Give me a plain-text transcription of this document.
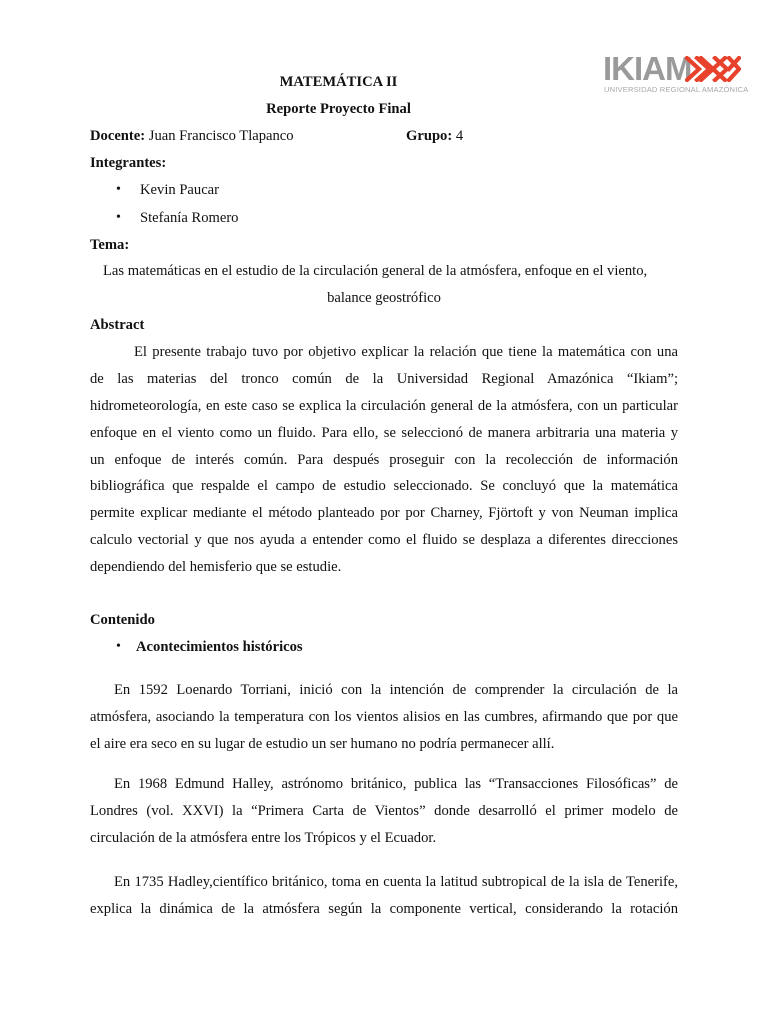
IKIAM
UNIVERSIDAD REGIONAL AMAZÓNICA
MATEMÁTICA II
Reporte Proyecto Final
Docente: Juan Francisco Tlapanco	Grupo: 4
Integrantes:
• Kevin Paucar
• Stefanía Romero
Tema:
Las matemáticas en el estudio de la circulación general de la atmósfera, enfoque en el viento,
balance geostrófico
Abstract
El presente trabajo tuvo por objetivo explicar la relación que tiene la matemática con una
de las materias del tronco común de la Universidad Regional Amazónica “Ikiam”;
hidrometeorología, en este caso se explica la circulación general de la atmósfera, con un particular
enfoque en el viento como un fluido. Para ello, se seleccionó de manera arbitraria una materia y
un enfoque de interés común. Para después proseguir con la recolección de información
bibliográfica que respalde el campo de estudio seleccionado. Se concluyó que la matemática
permite explicar mediante el método planteado por por Charney, Fjörtoft y von Neuman implica
calculo vectorial y que nos ayuda a entender como el fluido se desplaza a diferentes direcciones
dependiendo del hemisferio que se estudie.
Contenido
• Acontecimientos históricos
En 1592 Loenardo Torriani, inició con la intención de comprender la circulación de la
atmósfera, asociando la temperatura con los vientos alisios en las cumbres, afirmando que por que
el aire era seco en su lugar de estudio un ser humano no podría permanecer allí.
En 1968 Edmund Halley, astrónomo británico, publica las “Transacciones Filosóficas” de
Londres (vol. XXVI) la “Primera Carta de Vientos” donde desarrolló el primer modelo de
circulación de la atmósfera entre los Trópicos y el Ecuador.
En 1735 Hadley,científico británico, toma en cuenta la latitud subtropical de la isla de Tenerife,
explica la dinámica de la atmósfera según la componente vertical, considerando la rotación
